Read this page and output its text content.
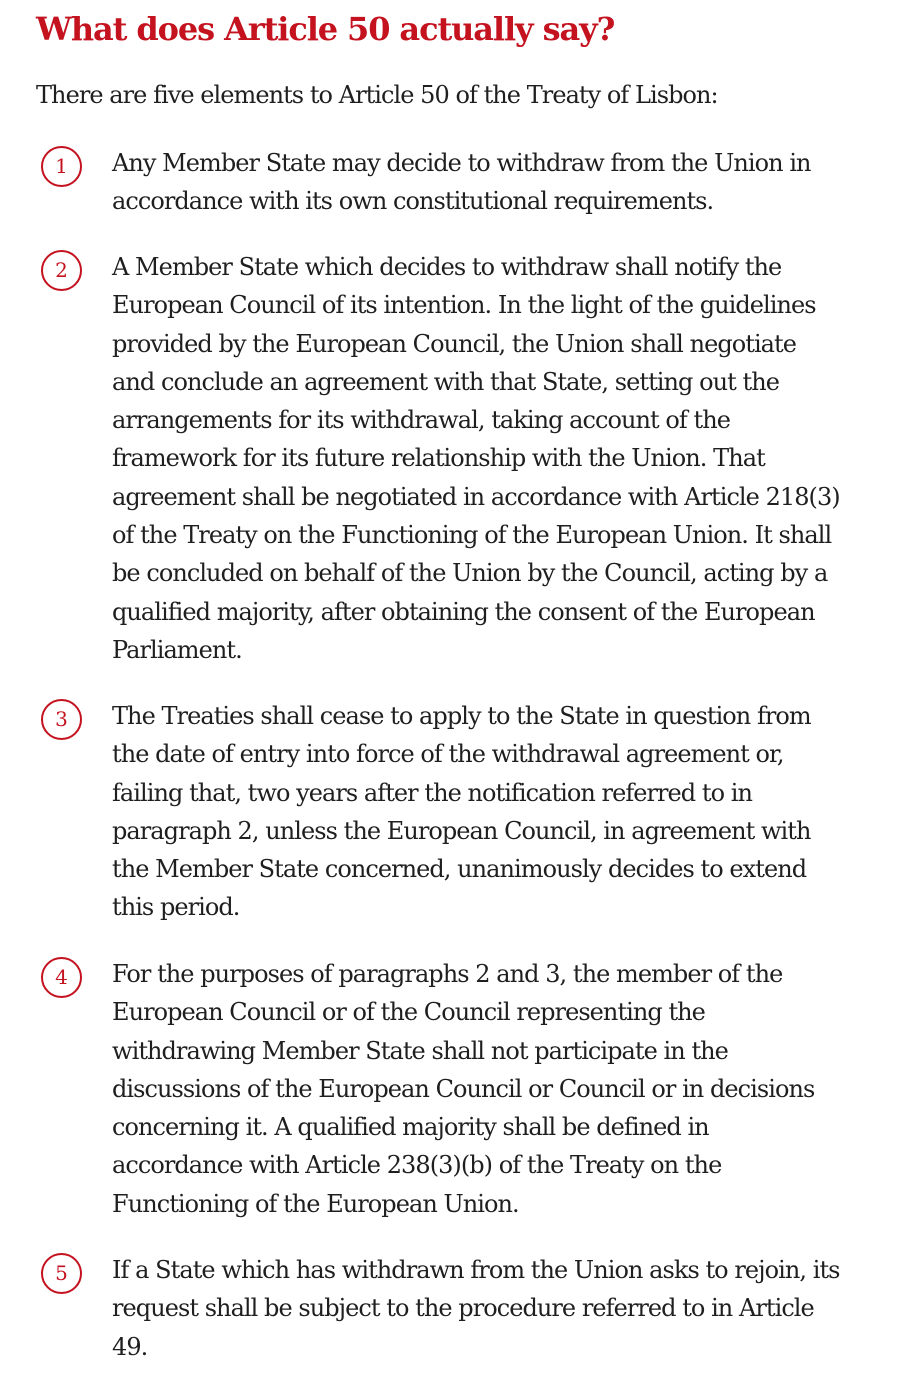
What does Article 50 actually say?

There are five elements to Article 50 of the Treaty of Lisbon:

1	Any Member State may decide to withdraw from the Union in
accordance with its own constitutional requirements.

2	A Member State which decides to withdraw shall notify the
European Council of its intention. In the light of the guidelines
provided by the European Council, the Union shall negotiate
and conclude an agreement with that State, setting out the
arrangements for its withdrawal, taking account of the
framework for its future relationship with the Union. That
agreement shall be negotiated in accordance with Article 218(3)
of the Treaty on the Functioning of the European Union. It shall
be concluded on behalf of the Union by the Council, acting by a
qualified majority, after obtaining the consent of the European
Parliament.

3	The Treaties shall cease to apply to the State in question from
the date of entry into force of the withdrawal agreement or,
failing that, two years after the notification referred to in
paragraph 2, unless the European Council, in agreement with
the Member State concerned, unanimously decides to extend
this period.

4	For the purposes of paragraphs 2 and 3, the member of the
European Council or of the Council representing the
withdrawing Member State shall not participate in the
discussions of the European Council or Council or in decisions
concerning it. A qualified majority shall be defined in
accordance with Article 238(3)(b) of the Treaty on the
Functioning of the European Union.

5	If a State which has withdrawn from the Union asks to rejoin, its
request shall be subject to the procedure referred to in Article
49.
